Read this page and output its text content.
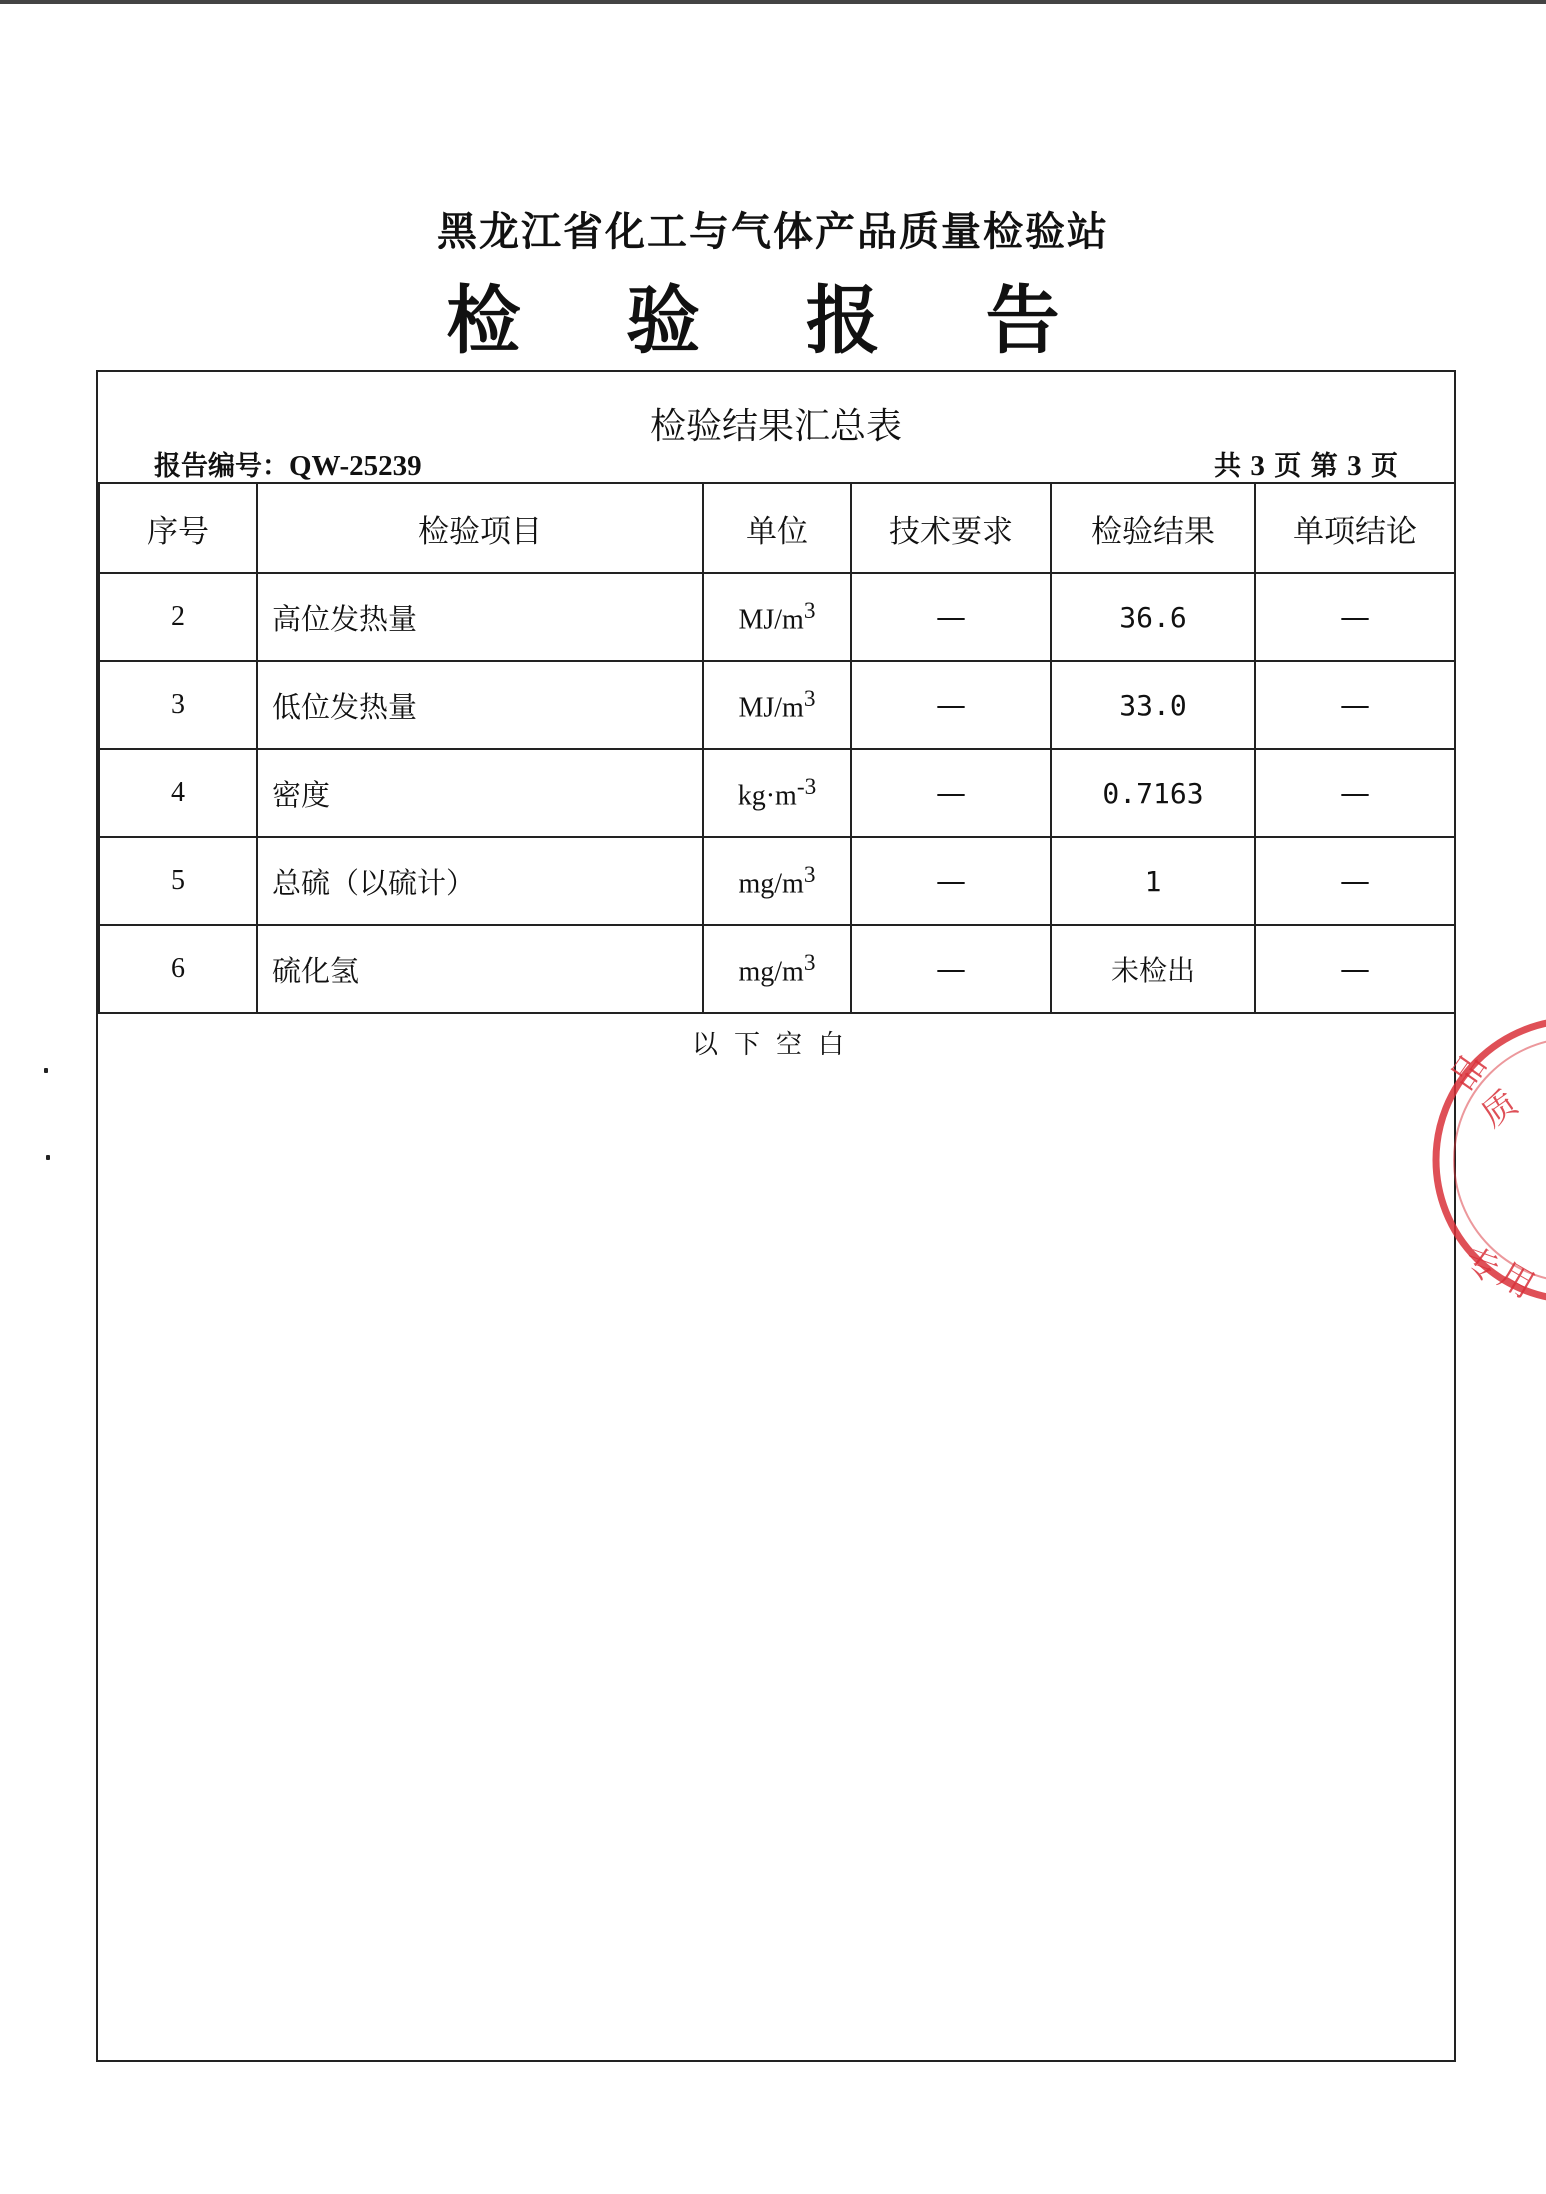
黑龙江省化工与气体产品质量检验站
检 验 报 告
检验结果汇总表
报告编号：QW-25239	共 3 页 第 3 页
序号	检验项目	单位	技术要求	检验结果	单项结论
2	高位发热量	$MJ/m^3$	—	36.6	—
3	低位发热量	$MJ/m^3$	—	33.0	—
4	密度	$kg\cdot m^{-3}$	—	0.7163	—
5	总硫（以硫计）	$mg/m^3$	—	1	—
6	硫化氢	$mg/m^3$	—	未检出	—
以下空白
品
质
专
用
